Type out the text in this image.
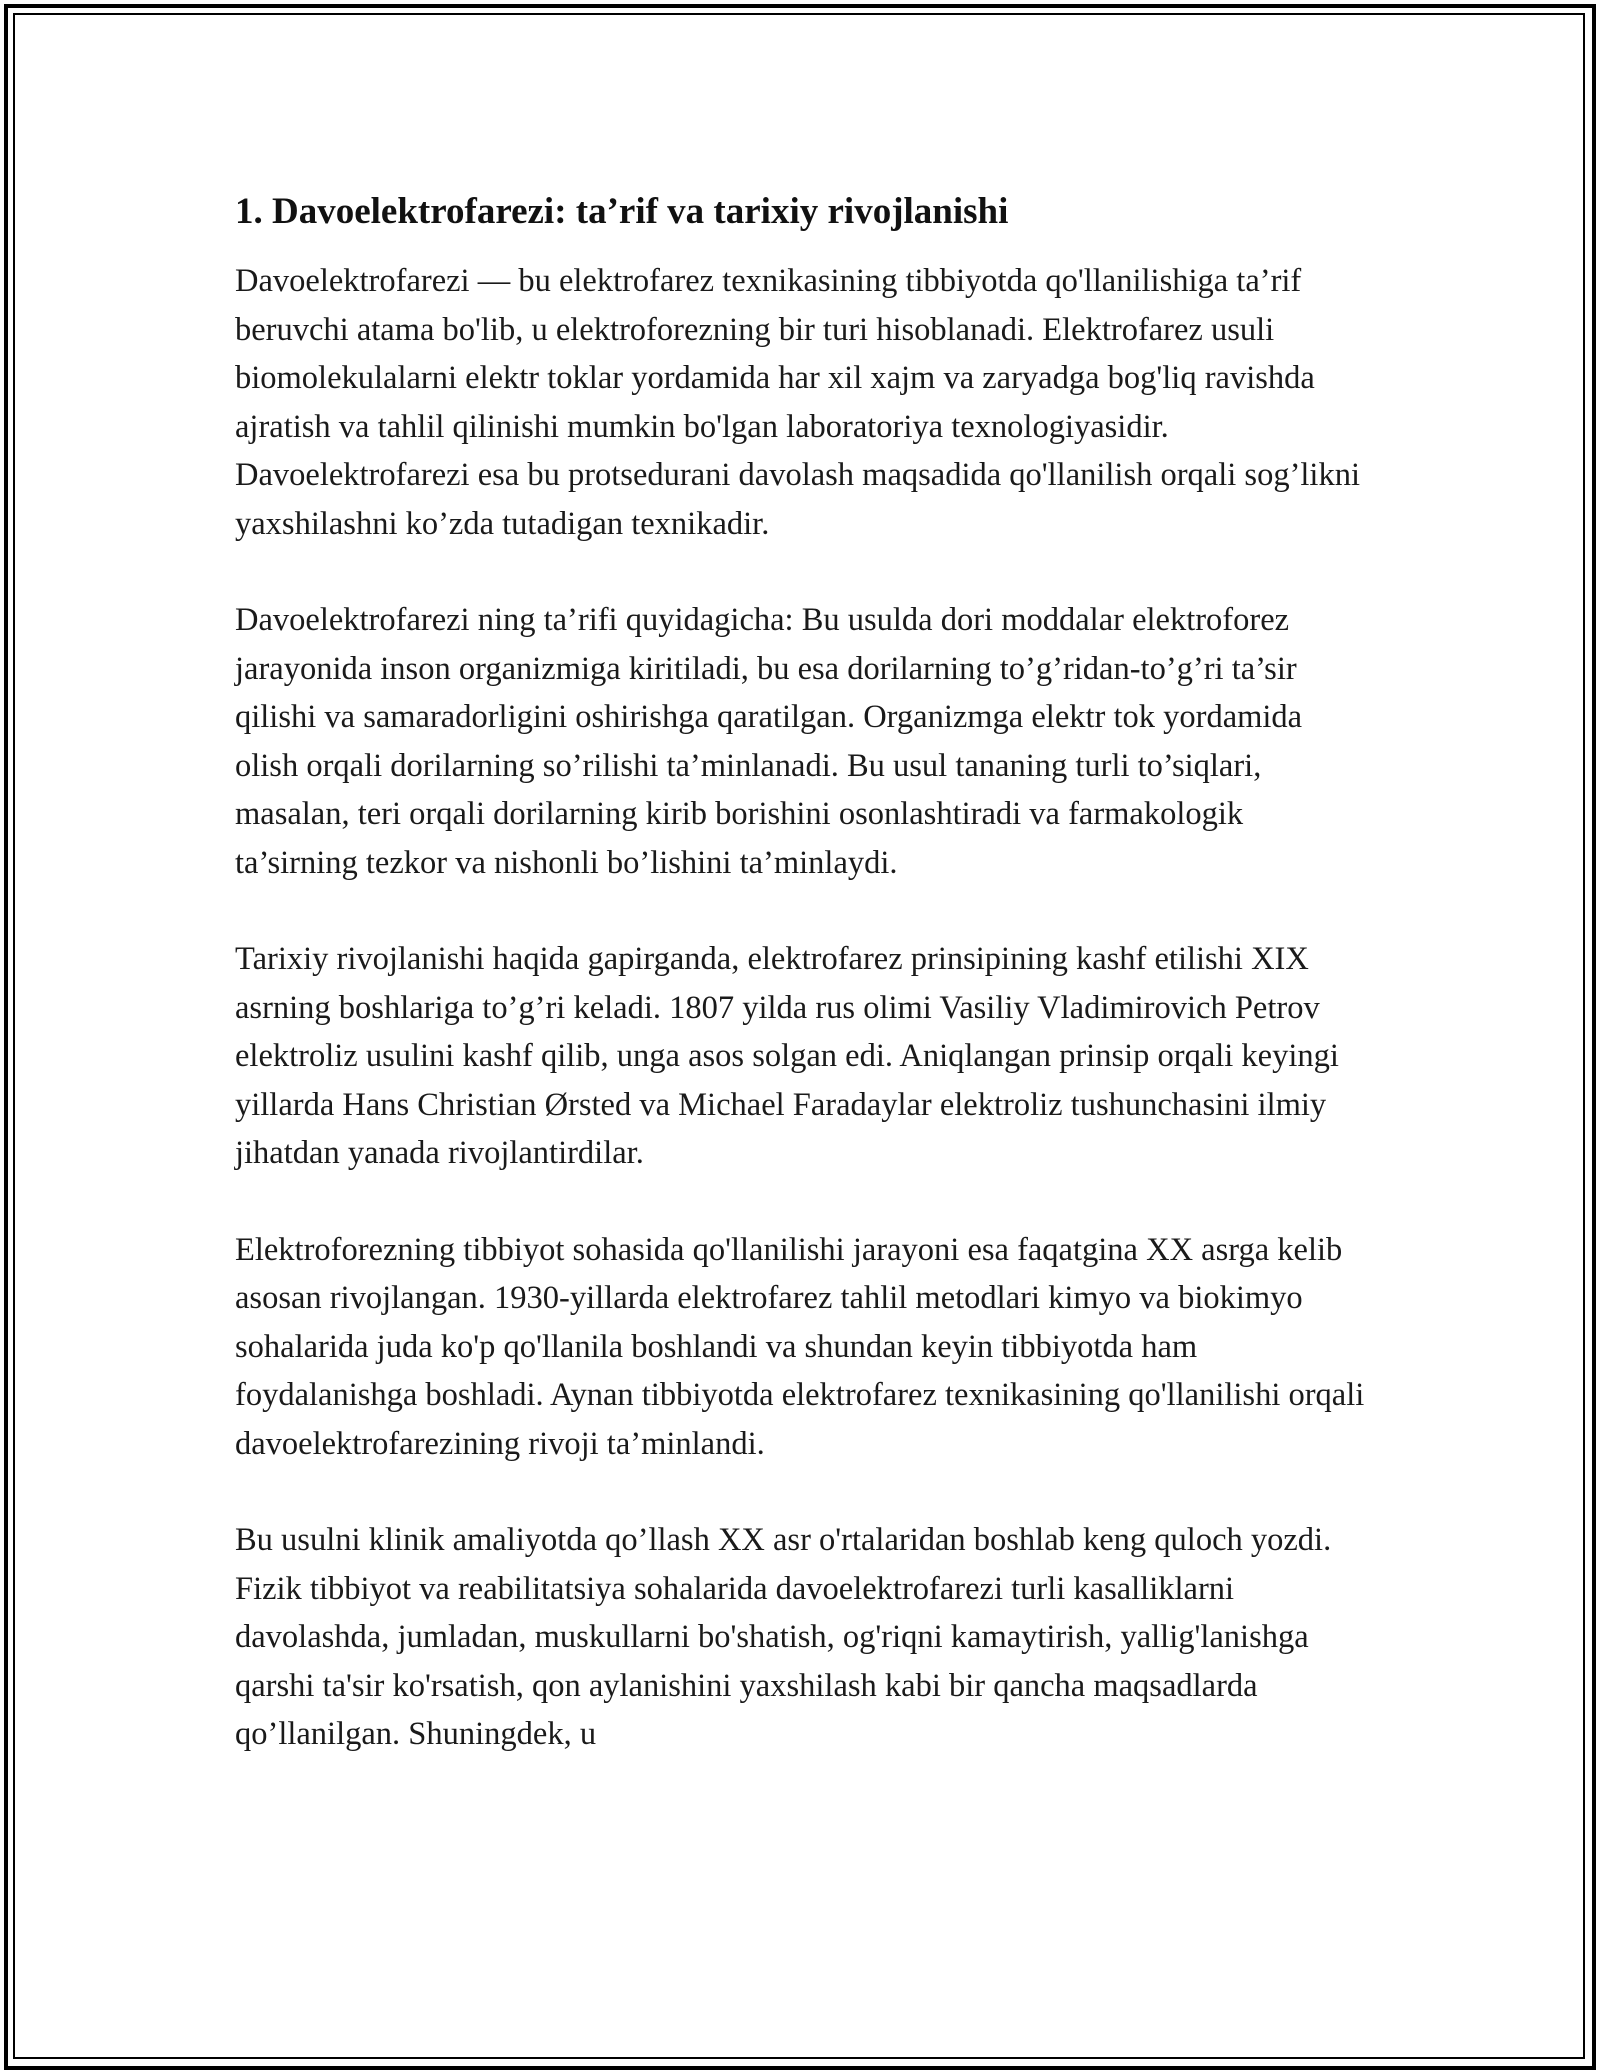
1. Davoelektrofarezi: ta’rif va tarixiy rivojlanishi

Davoelektrofarezi — bu elektrofarez texnikasining tibbiyotda qo'llanilishiga ta’rif beruvchi atama bo'lib, u elektroforezning bir turi hisoblanadi. Elektrofarez usuli biomolekulalarni elektr toklar yordamida har xil xajm va zaryadga bog'liq ravishda ajratish va tahlil qilinishi mumkin bo'lgan laboratoriya texnologiyasidir. Davoelektrofarezi esa bu protsedurani davolash maqsadida qo'llanilish orqali sog’likni yaxshilashni ko’zda tutadigan texnikadir.

Davoelektrofarezi ning ta’rifi quyidagicha: Bu usulda dori moddalar elektroforez jarayonida inson organizmiga kiritiladi, bu esa dorilarning to’g’ridan-to’g’ri ta’sir qilishi va samaradorligini oshirishga qaratilgan. Organizmga elektr tok yordamida olish orqali dorilarning so’rilishi ta’minlanadi. Bu usul tananing turli to’siqlari, masalan, teri orqali dorilarning kirib borishini osonlashtiradi va farmakologik ta’sirning tezkor va nishonli bo’lishini ta’minlaydi.

Tarixiy rivojlanishi haqida gapirganda, elektrofarez prinsipining kashf etilishi XIX asrning boshlariga to’g’ri keladi. 1807 yilda rus olimi Vasiliy Vladimirovich Petrov elektroliz usulini kashf qilib, unga asos solgan edi. Aniqlangan prinsip orqali keyingi yillarda Hans Christian Ørsted va Michael Faradaylar elektroliz tushunchasini ilmiy jihatdan yanada rivojlantirdilar.

Elektroforezning tibbiyot sohasida qo'llanilishi jarayoni esa faqatgina XX asrga kelib asosan rivojlangan. 1930-yillarda elektrofarez tahlil metodlari kimyo va biokimyo sohalarida juda ko'p qo'llanila boshlandi va shundan keyin tibbiyotda ham foydalanishga boshladi. Aynan tibbiyotda elektrofarez texnikasining qo'llanilishi orqali davoelektrofarezining rivoji ta’minlandi.

Bu usulni klinik amaliyotda qo’llash XX asr o'rtalaridan boshlab keng quloch yozdi. Fizik tibbiyot va reabilitatsiya sohalarida davoelektrofarezi turli kasalliklarni davolashda, jumladan, muskullarni bo'shatish, og'riqni kamaytirish, yallig'lanishga qarshi ta'sir ko'rsatish, qon aylanishini yaxshilash kabi bir qancha maqsadlarda qo’llanilgan. Shuningdek, u
